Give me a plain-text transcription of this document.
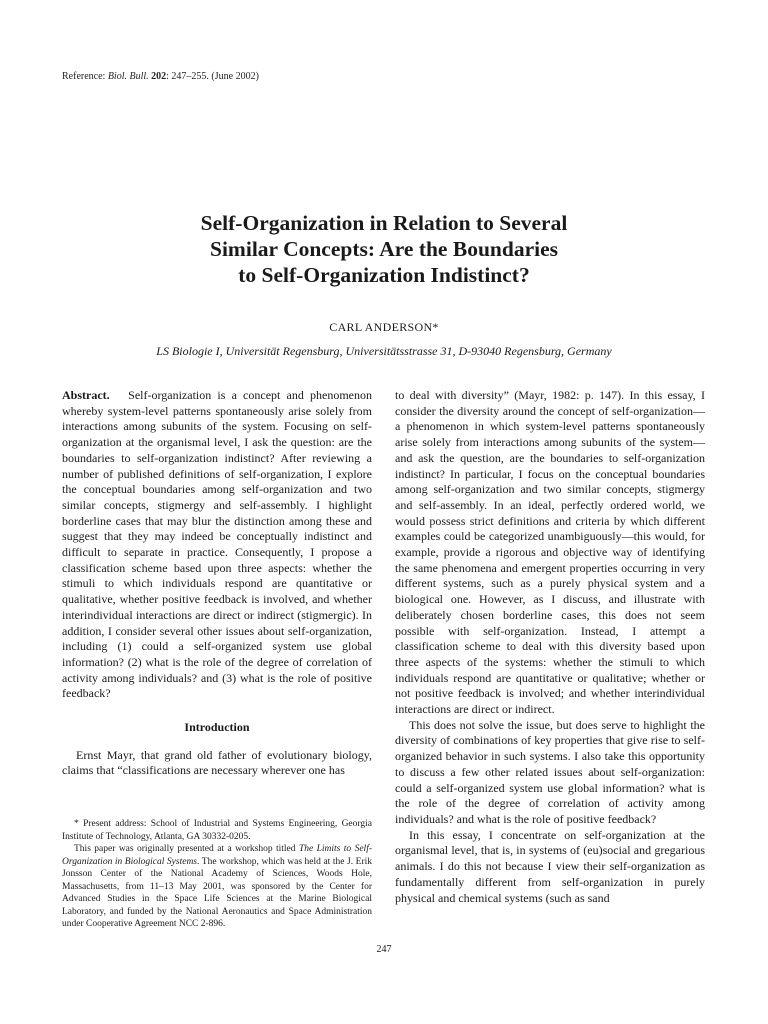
Reference: Biol. Bull. 202: 247–255. (June 2002)
Self-Organization in Relation to Several
Similar Concepts: Are the Boundaries
to Self-Organization Indistinct?
CARL ANDERSON*
LS Biologie I, Universität Regensburg, Universitätsstrasse 31, D-93040 Regensburg, Germany

Abstract. Self-organization is a concept and phenomenon whereby system-level patterns spontaneously arise solely from interactions among subunits of the system. Focusing on self-organization at the organismal level, I ask the question: are the boundaries to self-organization indistinct? After reviewing a number of published definitions of self-organization, I explore the conceptual boundaries among self-organization and two similar concepts, stigmergy and self-assembly. I highlight borderline cases that may blur the distinction among these and suggest that they may indeed be conceptually indistinct and difficult to separate in practice. Consequently, I propose a classification scheme based upon three aspects: whether the stimuli to which individuals respond are quantitative or qualitative, whether positive feedback is involved, and whether interindividual interactions are direct or indirect (stigmergic). In addition, I consider several other issues about self-organization, including (1) could a self-organized system use global information? (2) what is the role of the degree of correlation of activity among individuals? and (3) what is the role of positive feedback?

Introduction

Ernst Mayr, that grand old father of evolutionary biology, claims that “classifications are necessary wherever one has

* Present address: School of Industrial and Systems Engineering, Georgia Institute of Technology, Atlanta, GA 30332-0205.

This paper was originally presented at a workshop titled The Limits to Self-Organization in Biological Systems. The workshop, which was held at the J. Erik Jonsson Center of the National Academy of Sciences, Woods Hole, Massachusetts, from 11–13 May 2001, was sponsored by the Center for Advanced Studies in the Space Life Sciences at the Marine Biological Laboratory, and funded by the National Aeronautics and Space Administration under Cooperative Agreement NCC 2-896.

to deal with diversity” (Mayr, 1982: p. 147). In this essay, I consider the diversity around the concept of self-organization—a phenomenon in which system-level patterns spontaneously arise solely from interactions among subunits of the system—and ask the question, are the boundaries to self-organization indistinct? In particular, I focus on the conceptual boundaries among self-organization and two similar concepts, stigmergy and self-assembly. In an ideal, perfectly ordered world, we would possess strict definitions and criteria by which different examples could be categorized unambiguously—this would, for example, provide a rigorous and objective way of identifying the same phenomena and emergent properties occurring in very different systems, such as a purely physical system and a biological one. However, as I discuss, and illustrate with deliberately chosen borderline cases, this does not seem possible with self-organization. Instead, I attempt a classification scheme to deal with this diversity based upon three aspects of the systems: whether the stimuli to which individuals respond are quantitative or qualitative; whether or not positive feedback is involved; and whether interindividual interactions are direct or indirect.

This does not solve the issue, but does serve to highlight the diversity of combinations of key properties that give rise to self-organized behavior in such systems. I also take this opportunity to discuss a few other related issues about self-organization: could a self-organized system use global information? what is the role of the degree of correlation of activity among individuals? and what is the role of positive feedback?

In this essay, I concentrate on self-organization at the organismal level, that is, in systems of (eu)social and gregarious animals. I do this not because I view their self-organization as fundamentally different from self-organization in purely physical and chemical systems (such as sand

247
